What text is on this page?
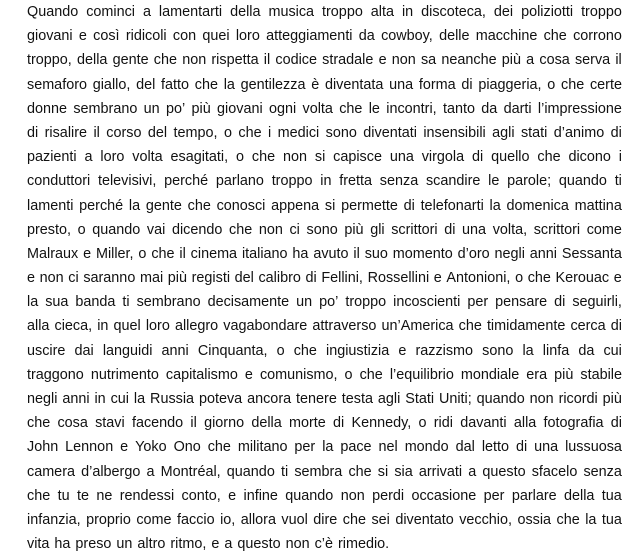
Quando cominci a lamentarti della musica troppo alta in discoteca, dei poliziotti troppo
giovani e così ridicoli con quei loro atteggiamenti da cowboy, delle macchine che corrono
troppo, della gente che non rispetta il codice stradale e non sa neanche più a cosa serva il
semaforo giallo, del fatto che la gentilezza è diventata una forma di piaggeria, o che certe
donne sembrano un po’ più giovani ogni volta che le incontri, tanto da darti l’impressione
di risalire il corso del tempo, o che i medici sono diventati insensibili agli stati d’animo di
pazienti a loro volta esagitati, o che non si capisce una virgola di quello che dicono i
conduttori televisivi, perché parlano troppo in fretta senza scandire le parole; quando ti
lamenti perché la gente che conosci appena si permette di telefonarti la domenica mattina
presto, o quando vai dicendo che non ci sono più gli scrittori di una volta, scrittori come
Malraux e Miller, o che il cinema italiano ha avuto il suo momento d’oro negli anni Sessanta
e non ci saranno mai più registi del calibro di Fellini, Rossellini e Antonioni, o che Kerouac e
la sua banda ti sembrano decisamente un po’ troppo incoscienti per pensare di seguirli,
alla cieca, in quel loro allegro vagabondare attraverso un’America che timidamente cerca di
uscire dai languidi anni Cinquanta, o che ingiustizia e razzismo sono la linfa da cui
traggono nutrimento capitalismo e comunismo, o che l’equilibrio mondiale era più stabile
negli anni in cui la Russia poteva ancora tenere testa agli Stati Uniti; quando non ricordi più
che cosa stavi facendo il giorno della morte di Kennedy, o ridi davanti alla fotografia di
John Lennon e Yoko Ono che militano per la pace nel mondo dal letto di una lussuosa
camera d’albergo a Montréal, quando ti sembra che si sia arrivati a questo sfacelo senza
che tu te ne rendessi conto, e infine quando non perdi occasione per parlare della tua
infanzia, proprio come faccio io, allora vuol dire che sei diventato vecchio, ossia che la tua
vita ha preso un altro ritmo, e a questo non c’è rimedio.
